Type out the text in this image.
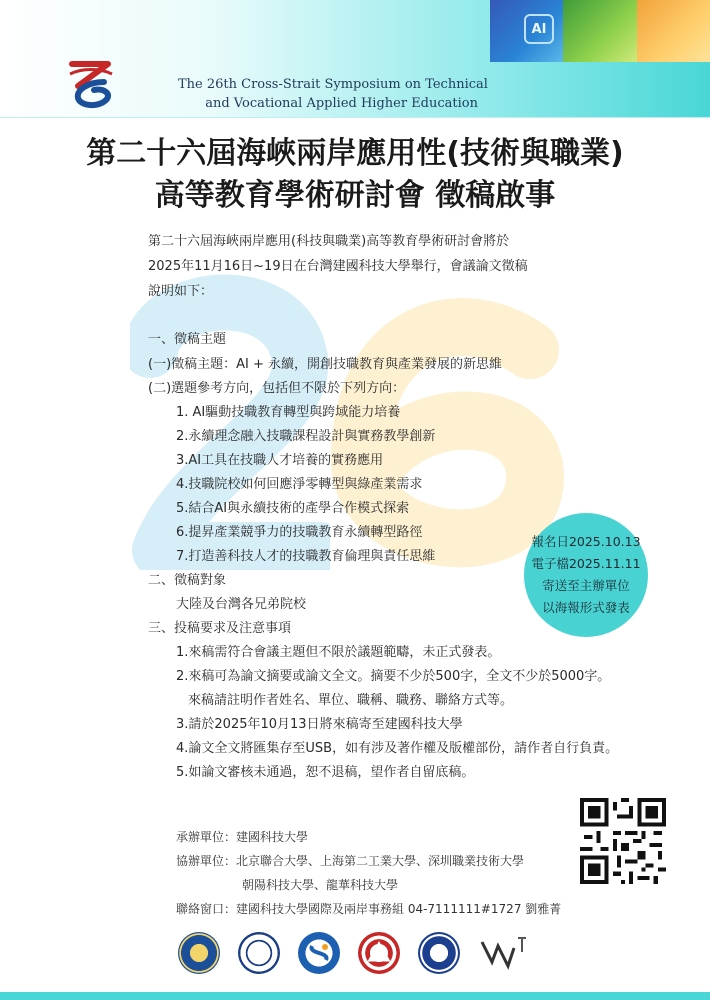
AI
The 26th Cross-Strait Symposium on Technical
and Vocational Applied Higher Education
第二十六屆海峽兩岸應用性(技術與職業)
高等教育學術研討會 徵稿啟事
第二十六屆海峽兩岸應用(科技與職業)高等教育學術研討會將於
2025年11月16日~19日在台灣建國科技大學舉行，會議論文徵稿
說明如下：
一、徵稿主題
(一)徵稿主題：AI + 永續，開創技職教育與產業發展的新思維
(二)選題參考方向，包括但不限於下列方向：
1. AI驅動技職教育轉型與跨域能力培養
2.永續理念融入技職課程設計與實務教學創新
3.AI工具在技職人才培養的實務應用
4.技職院校如何回應淨零轉型與綠產業需求
5.結合AI與永續技術的產學合作模式探索
6.提昇產業競爭力的技職教育永續轉型路徑
7.打造善科技人才的技職教育倫理與責任思維
二、徵稿對象
大陸及台灣各兄弟院校
三、投稿要求及注意事項
1.來稿需符合會議主題但不限於議題範疇，未正式發表。
2.來稿可為論文摘要或論文全文。摘要不少於500字，全文不少於5000字。
來稿請註明作者姓名、單位、職稱、職務、聯絡方式等。
3.請於2025年10月13日將來稿寄至建國科技大學
4.論文全文將匯集存至USB，如有涉及著作權及版權部份，請作者自行負責。
5.如論文審核未通過，恕不退稿，望作者自留底稿。
報名日2025.10.13
電子檔2025.11.11
寄送至主辦單位
以海報形式發表
承辦單位：建國科技大學
協辦單位：北京聯合大學、上海第二工業大學、深圳職業技術大學
朝陽科技大學、龍華科技大學
聯絡窗口：建國科技大學國際及兩岸事務組 04-7111111#1727 劉雅菁
